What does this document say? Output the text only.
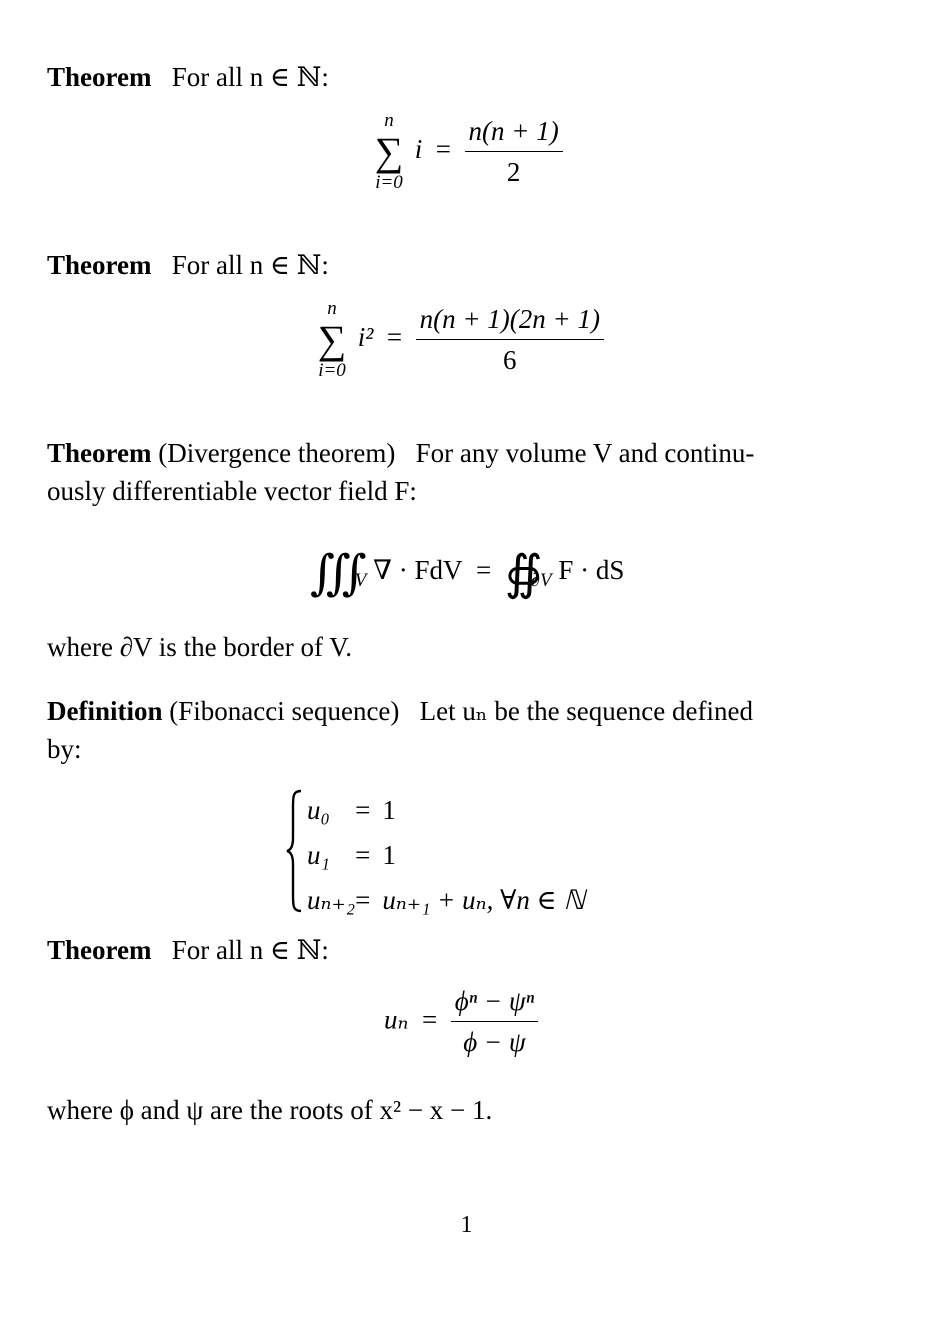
Theorem For all n ∈ ℕ:
n
∑
i=0
$i = \frac{n(n + 1)}{2}$
Theorem For all n ∈ ℕ:
n
∑
i=0
$i^2 = \frac{n(n + 1)(2n + 1)}{6}$
Theorem (Divergence theorem) For any volume V and continu-
ously differentiable vector field F:
$∭_V$ ∇ · FdV  =  $∯_{\partial V}$ F · dS
where ∂V is the border of V.
Definition (Fibonacci sequence) Let uₙ be the sequence defined
by:
u₀	=	1
u₁	=	1
uₙ₊₂	=	uₙ₊₁ + uₙ, ∀n ∈ ℕ
Theorem For all n ∈ ℕ:
$u_n = \frac{\text{ϕⁿ − ψⁿ}}{\phi - \psi}$
where ϕ and ψ are the roots of x² − x − 1.
1
